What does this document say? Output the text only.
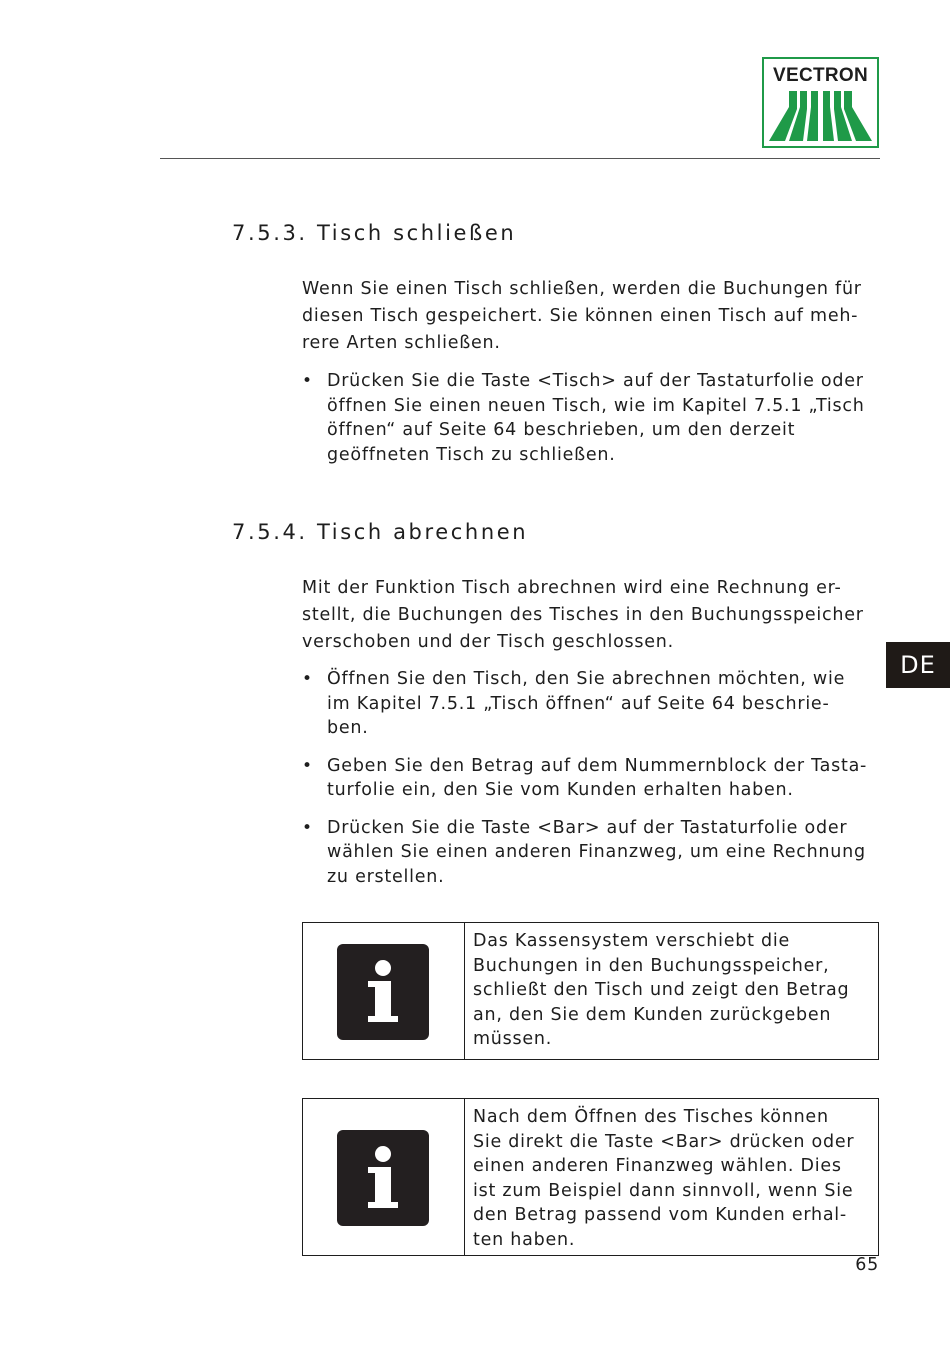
VECTRON
7.5.3. Tisch schließen

Wenn Sie einen Tisch schließen, werden die Buchungen für
diesen Tisch gespeichert. Sie können einen Tisch auf meh-
rere Arten schließen.

• Drücken Sie die Taste <Tisch> auf der Tastaturfolie oder
öffnen Sie einen neuen Tisch, wie im Kapitel 7.5.1 „Tisch
öffnen“ auf Seite 64 beschrieben, um den derzeit
geöffneten Tisch zu schließen.
7.5.4. Tisch abrechnen

Mit der Funktion Tisch abrechnen wird eine Rechnung er-
stellt, die Buchungen des Tisches in den Buchungsspeicher
verschoben und der Tisch geschlossen.

• Öffnen Sie den Tisch, den Sie abrechnen möchten, wie
im Kapitel 7.5.1 „Tisch öffnen“ auf Seite 64 beschrie-
ben.
• Geben Sie den Betrag auf dem Nummernblock der Tasta-
turfolie ein, den Sie vom Kunden erhalten haben.
• Drücken Sie die Taste <Bar> auf der Tastaturfolie oder
wählen Sie einen anderen Finanzweg, um eine Rechnung
zu erstellen.
DE
Das Kassensystem verschiebt die
Buchungen in den Buchungsspeicher,
schließt den Tisch und zeigt den Betrag
an, den Sie dem Kunden zurückgeben
müssen.
Nach dem Öffnen des Tisches können
Sie direkt die Taste <Bar> drücken oder
einen anderen Finanzweg wählen. Dies
ist zum Beispiel dann sinnvoll, wenn Sie
den Betrag passend vom Kunden erhal-
ten haben.
65
